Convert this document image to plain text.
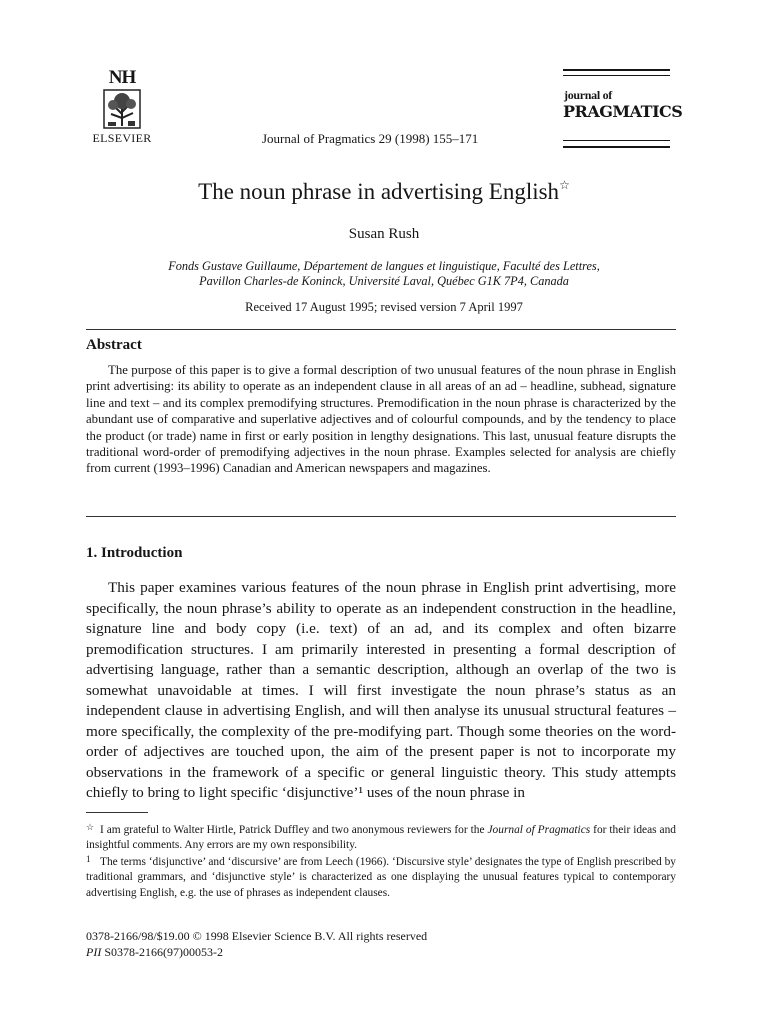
NH
ELSEVIER	Journal of Pragmatics 29 (1998) 155–171
journal of
PRAGMATICS
The noun phrase in advertising English☆
Susan Rush
Fonds Gustave Guillaume, Département de langues et linguistique, Faculté des Lettres,
Pavillon Charles-de Koninck, Université Laval, Québec G1K 7P4, Canada
Received 17 August 1995; revised version 7 April 1997
Abstract
The purpose of this paper is to give a formal description of two unusual features of the noun phrase in English print advertising: its ability to operate as an independent clause in all areas of an ad – headline, subhead, signature line and text – and its complex premodifying structures. Premodification in the noun phrase is characterized by the abundant use of comparative and superlative adjectives and of colourful compounds, and by the tendency to place the product (or trade) name in first or early position in lengthy designations. This last, unusual feature disrupts the traditional word-order of premodifying adjectives in the noun phrase. Examples selected for analysis are chiefly from current (1993–1996) Canadian and American newspapers and magazines.
1. Introduction
This paper examines various features of the noun phrase in English print advertising, more specifically, the noun phrase’s ability to operate as an independent construction in the headline, signature line and body copy (i.e. text) of an ad, and its complex and often bizarre premodification structures. I am primarily interested in presenting a formal description of advertising language, rather than a semantic description, although an overlap of the two is somewhat unavoidable at times. I will first investigate the noun phrase’s status as an independent clause in advertising English, and will then analyse its unusual structural features – more specifically, the complexity of the pre-modifying part. Though some theories on the word-order of adjectives are touched upon, the aim of the present paper is not to incorporate my observations in the framework of a specific or general linguistic theory. This study attempts chiefly to bring to light specific ‘disjunctive’¹ uses of the noun phrase in
☆ I am grateful to Walter Hirtle, Patrick Duffley and two anonymous reviewers for the Journal of Pragmatics for their ideas and insightful comments. Any errors are my own responsibility.
1 The terms ‘disjunctive’ and ‘discursive’ are from Leech (1966). ‘Discursive style’ designates the type of English prescribed by traditional grammars, and ‘disjunctive style’ is characterized as one displaying the unusual features typical to contemporary advertising English, e.g. the use of phrases as independent clauses.
0378-2166/98/$19.00 © 1998 Elsevier Science B.V. All rights reserved
PII S0378-2166(97)00053-2
